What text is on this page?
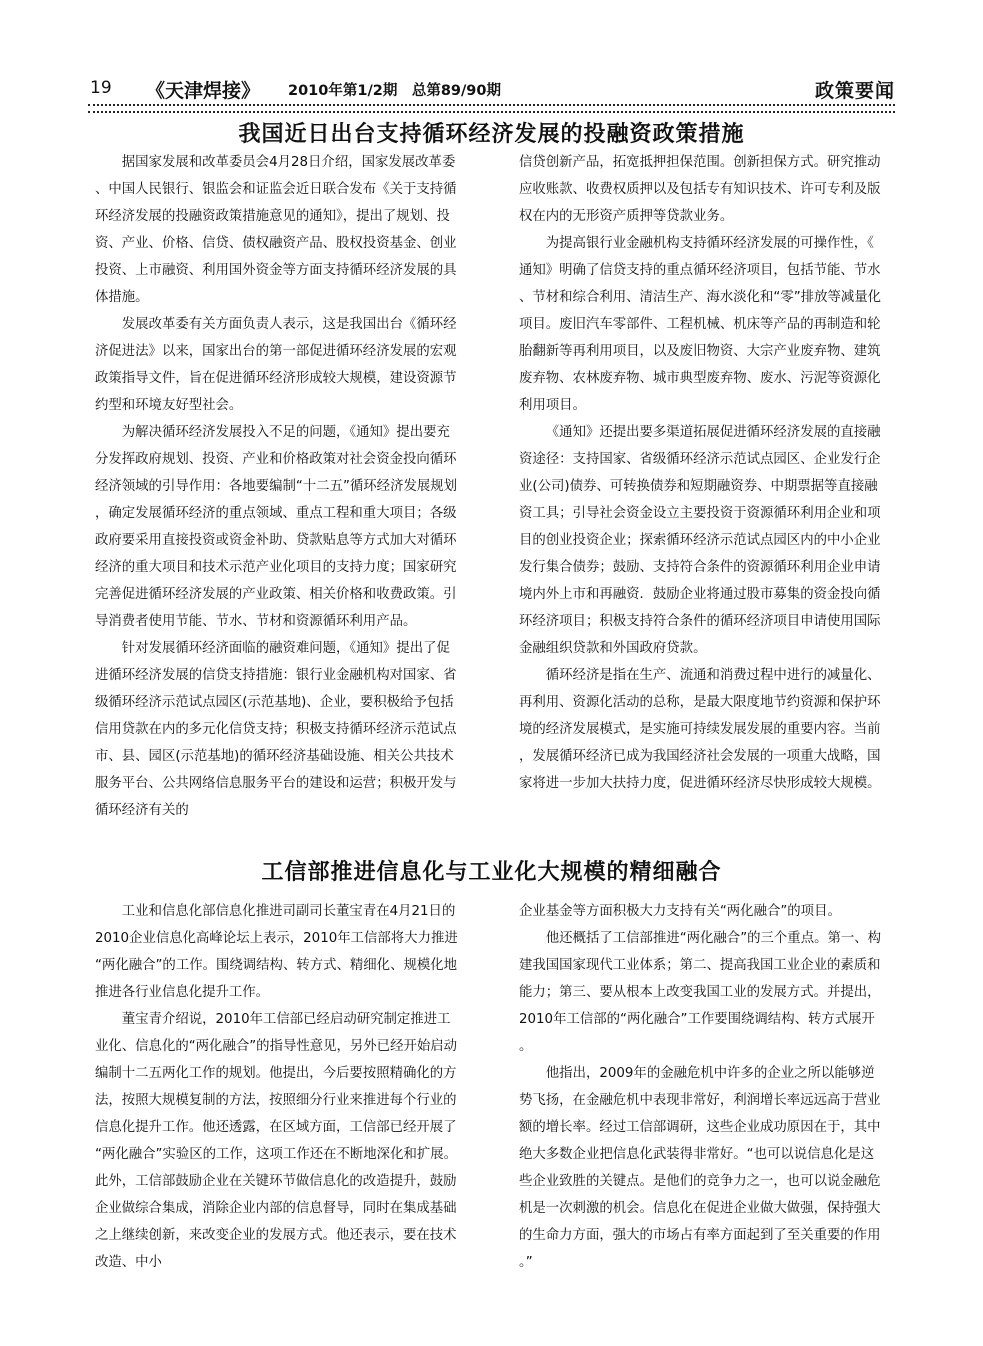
19 《天津焊接》 2010年第1/2期　总第89/90期	政策要闻
我国近日出台支持循环经济发展的投融资政策措施

据国家发展和改革委员会4月28日介绍，国家发展改革委
、中国人民银行、银监会和证监会近日联合发布《关于支持循
环经济发展的投融资政策措施意见的通知》，提出了规划、投
资、产业、价格、信贷、债权融资产品、股权投资基金、创业
投资、上市融资、利用国外资金等方面支持循环经济发展的具
体措施。

发展改革委有关方面负责人表示，这是我国出台《循环经
济促进法》以来，国家出台的第一部促进循环经济发展的宏观
政策指导文件，旨在促进循环经济形成较大规模，建设资源节
约型和环境友好型社会。

为解决循环经济发展投入不足的问题，《通知》提出要充
分发挥政府规划、投资、产业和价格政策对社会资金投向循环
经济领域的引导作用：各地要编制“十二五”循环经济发展规划
，确定发展循环经济的重点领域、重点工程和重大项目；各级
政府要采用直接投资或资金补助、贷款贴息等方式加大对循环
经济的重大项目和技术示范产业化项目的支持力度；国家研究
完善促进循环经济发展的产业政策、相关价格和收费政策。引
导消费者使用节能、节水、节材和资源循环利用产品。

针对发展循环经济面临的融资难问题，《通知》提出了促
进循环经济发展的信贷支持措施：银行业金融机构对国家、省
级循环经济示范试点园区(示范基地)、企业，要积极给予包括
信用贷款在内的多元化信贷支持；积极支持循环经济示范试点
市、县、园区(示范基地)的循环经济基础设施、相关公共技术
服务平台、公共网络信息服务平台的建设和运营；积极开发与
循环经济有关的

信贷创新产品，拓宽抵押担保范围。创新担保方式。研究推动
应收账款、收费权质押以及包括专有知识技术、许可专利及版
权在内的无形资产质押等贷款业务。

为提高银行业金融机构支持循环经济发展的可操作性，《
通知》明确了信贷支持的重点循环经济项目，包括节能、节水
、节材和综合利用、清洁生产、海水淡化和“零”排放等减量化
项目。废旧汽车零部件、工程机械、机床等产品的再制造和轮
胎翻新等再利用项目，以及废旧物资、大宗产业废弃物、建筑
废弃物、农林废弃物、城市典型废弃物、废水、污泥等资源化
利用项目。

《通知》还提出要多渠道拓展促进循环经济发展的直接融
资途径：支持国家、省级循环经济示范试点园区、企业发行企
业(公司)债券、可转换债券和短期融资券、中期票据等直接融
资工具；引导社会资金设立主要投资于资源循环利用企业和项
目的创业投资企业；探索循环经济示范试点园区内的中小企业
发行集合债券；鼓励、支持符合条件的资源循环利用企业申请
境内外上市和再融资．鼓励企业将通过股市募集的资金投向循
环经济项目；积极支持符合条件的循环经济项目申请使用国际
金融组织贷款和外国政府贷款。

循环经济是指在生产、流通和消费过程中进行的减量化、
再利用、资源化活动的总称，是最大限度地节约资源和保护环
境的经济发展模式，是实施可持续发展发展的重要内容。当前
，发展循环经济已成为我国经济社会发展的一项重大战略，国
家将进一步加大扶持力度，促进循环经济尽快形成较大规模。

工信部推进信息化与工业化大规模的精细融合

工业和信息化部信息化推进司副司长董宝青在4月21日的
2010企业信息化高峰论坛上表示，2010年工信部将大力推进
“两化融合”的工作。围绕调结构、转方式、精细化、规模化地
推进各行业信息化提升工作。

董宝青介绍说，2010年工信部已经启动研究制定推进工
业化、信息化的“两化融合”的指导性意见，另外已经开始启动
编制十二五两化工作的规划。他提出，今后要按照精确化的方
法，按照大规模复制的方法，按照细分行业来推进每个行业的
信息化提升工作。他还透露，在区域方面，工信部已经开展了
“两化融合”实验区的工作，这项工作还在不断地深化和扩展。
此外，工信部鼓励企业在关键环节做信息化的改造提升，鼓励
企业做综合集成，消除企业内部的信息督导，同时在集成基础
之上继续创新，来改变企业的发展方式。他还表示，要在技术
改造、中小

企业基金等方面积极大力支持有关“两化融合”的项目。

他还概括了工信部推进“两化融合”的三个重点。第一、构
建我国国家现代工业体系；第二、提高我国工业企业的素质和
能力；第三、要从根本上改变我国工业的发展方式。并提出，
2010年工信部的“两化融合”工作要围绕调结构、转方式展开
。

他指出，2009年的金融危机中许多的企业之所以能够逆
势飞扬，在金融危机中表现非常好，利润增长率远远高于营业
额的增长率。经过工信部调研，这些企业成功原因在于，其中
绝大多数企业把信息化武装得非常好。“也可以说信息化是这
些企业致胜的关键点。是他们的竞争力之一，也可以说金融危
机是一次刺激的机会。信息化在促进企业做大做强，保持强大
的生命力方面，强大的市场占有率方面起到了至关重要的作用
。”
